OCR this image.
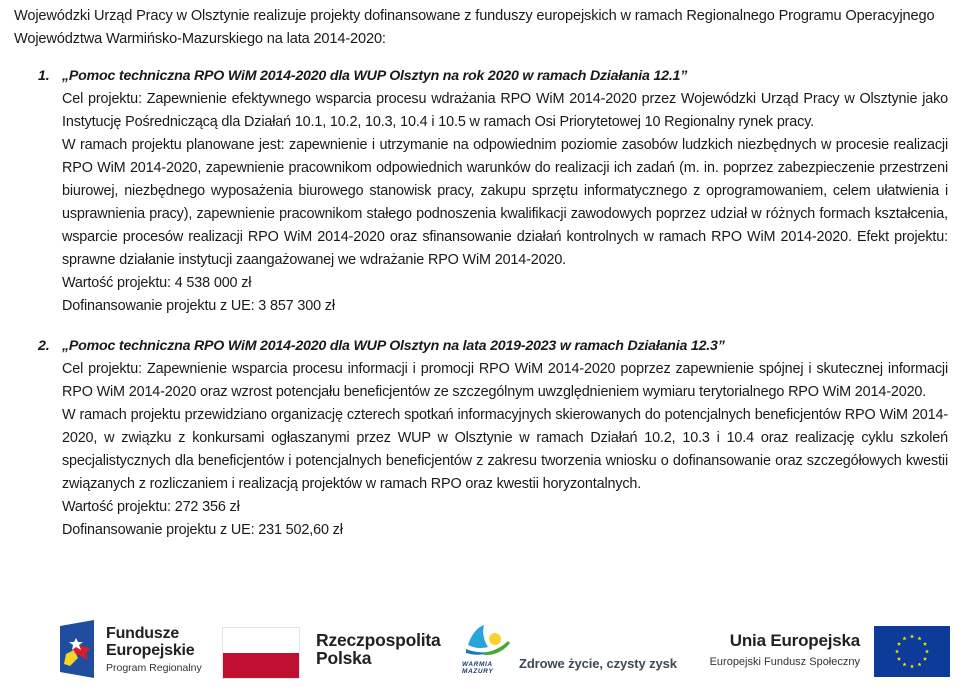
Wojewódzki Urząd Pracy w Olsztynie realizuje projekty dofinansowane z funduszy europejskich w ramach Regionalnego Programu Operacyjnego
Województwa Warmińsko-Mazurskiego na lata 2014-2020:
1. „Pomoc techniczna RPO WiM 2014-2020 dla WUP Olsztyn na rok 2020 w ramach Działania 12.1”

Cel projektu: Zapewnienie efektywnego wsparcia procesu wdrażania RPO WiM 2014-2020 przez Wojewódzki Urząd Pracy w Olsztynie jako Instytucję Pośredniczącą dla Działań 10.1, 10.2, 10.3, 10.4 i 10.5 w ramach Osi Priorytetowej 10 Regionalny rynek pracy.

W ramach projektu planowane jest: zapewnienie i utrzymanie na odpowiednim poziomie zasobów ludzkich niezbędnych w procesie realizacji RPO WiM 2014-2020, zapewnienie pracownikom odpowiednich warunków do realizacji ich zadań (m. in. poprzez zabezpieczenie przestrzeni biurowej, niezbędnego wyposażenia biurowego stanowisk pracy, zakupu sprzętu informatycznego z oprogramowaniem, celem ułatwienia i usprawnienia pracy), zapewnienie pracownikom stałego podnoszenia kwalifikacji zawodowych poprzez udział w różnych formach kształcenia, wsparcie procesów realizacji RPO WiM 2014-2020 oraz sfinansowanie działań kontrolnych w ramach RPO WiM 2014-2020. Efekt projektu: sprawne działanie instytucji zaangażowanej we wdrażanie RPO WiM 2014-2020.

Wartość projektu: 4 538 000 zł

Dofinansowanie projektu z UE: 3 857 300 zł

2. „Pomoc techniczna RPO WiM 2014-2020 dla WUP Olsztyn na lata 2019-2023 w ramach Działania 12.3”

Cel projektu: Zapewnienie wsparcia procesu informacji i promocji RPO WiM 2014-2020 poprzez zapewnienie spójnej i skutecznej informacji RPO WiM 2014-2020 oraz wzrost potencjału beneficjentów ze szczególnym uwzględnieniem wymiaru terytorialnego RPO WiM 2014-2020.

W ramach projektu przewidziano organizację czterech spotkań informacyjnych skierowanych do potencjalnych beneficjentów RPO WiM 2014-2020, w związku z konkursami ogłaszanymi przez WUP w Olsztynie w ramach Działań 10.2, 10.3 i 10.4 oraz realizację cyklu szkoleń specjalistycznych dla beneficjentów i potencjalnych beneficjentów z zakresu tworzenia wniosku o dofinansowanie oraz szczegółowych kwestii związanych z rozliczaniem i realizacją projektów w ramach RPO oraz kwestii horyzontalnych.

Wartość projektu: 272 356 zł

Dofinansowanie projektu z UE: 231 502,60 zł

Fundusze
Europejskie
Program Regionalny
Rzeczpospolita
Polska	WARMIA
MAZURY
Zdrowe życie, czysty zysk
Unia Europejska
Europejski Fundusz Społeczny
